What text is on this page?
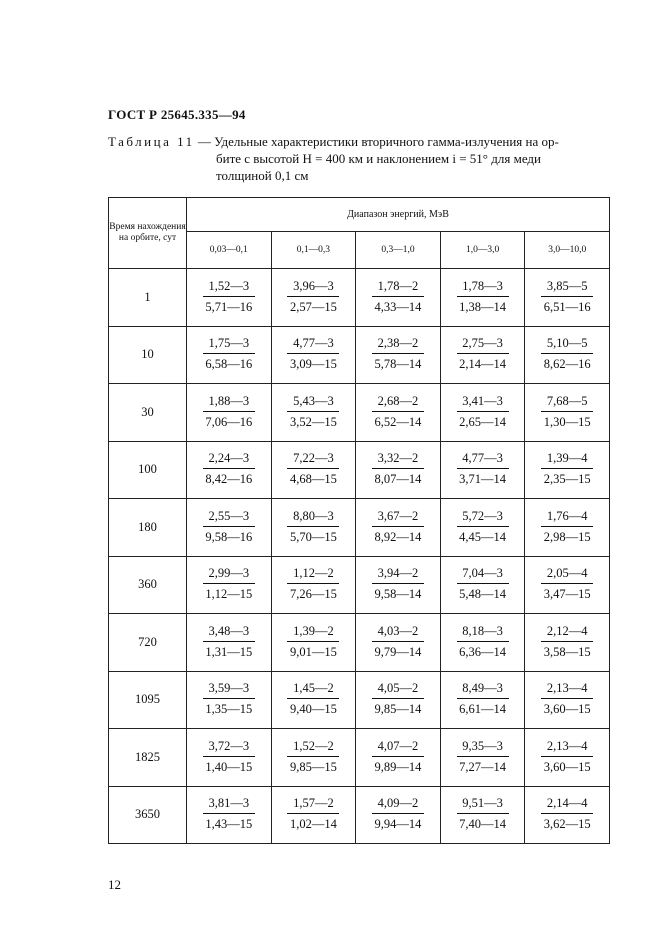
ГОСТ Р 25645.335—94
Таблица 11 — Удельные характеристики вторичного гамма-излучения на ор-
бите с высотой H = 400 км и наклонением i = 51° для меди
толщиной 0,1 см
Время нахождения на орбите, сут	Диапазон энергий, МэВ				
	0,03—0,1	0,1—0,3	0,3—1,0	1,0—3,0	3,0—10,0
1	$\frac{1,52—3}{5,71—16}$	$\frac{3,96—3}{2,57—15}$	$\frac{1,78—2}{4,33—14}$	$\frac{1,78—3}{1,38—14}$	$\frac{3,85—5}{6,51—16}$

10	$\frac{1,75—3}{6,58—16}$	$\frac{4,77—3}{3,09—15}$	$\frac{2,38—2}{5,78—14}$	$\frac{2,75—3}{2,14—14}$	$\frac{5,10—5}{8,62—16}$

30	$\frac{1,88—3}{7,06—16}$	$\frac{5,43—3}{3,52—15}$	$\frac{2,68—2}{6,52—14}$	$\frac{3,41—3}{2,65—14}$	$\frac{7,68—5}{1,30—15}$

100	$\frac{2,24—3}{8,42—16}$	$\frac{7,22—3}{4,68—15}$	$\frac{3,32—2}{8,07—14}$	$\frac{4,77—3}{3,71—14}$	$\frac{1,39—4}{2,35—15}$

180	$\frac{2,55—3}{9,58—16}$	$\frac{8,80—3}{5,70—15}$	$\frac{3,67—2}{8,92—14}$	$\frac{5,72—3}{4,45—14}$	$\frac{1,76—4}{2,98—15}$

360	$\frac{2,99—3}{1,12—15}$	$\frac{1,12—2}{7,26—15}$	$\frac{3,94—2}{9,58—14}$	$\frac{7,04—3}{5,48—14}$	$\frac{2,05—4}{3,47—15}$

720	$\frac{3,48—3}{1,31—15}$	$\frac{1,39—2}{9,01—15}$	$\frac{4,03—2}{9,79—14}$	$\frac{8,18—3}{6,36—14}$	$\frac{2,12—4}{3,58—15}$

1095	$\frac{3,59—3}{1,35—15}$	$\frac{1,45—2}{9,40—15}$	$\frac{4,05—2}{9,85—14}$	$\frac{8,49—3}{6,61—14}$	$\frac{2,13—4}{3,60—15}$

1825	$\frac{3,72—3}{1,40—15}$	$\frac{1,52—2}{9,85—15}$	$\frac{4,07—2}{9,89—14}$	$\frac{9,35—3}{7,27—14}$	$\frac{2,13—4}{3,60—15}$

3650	$\frac{3,81—3}{1,43—15}$	$\frac{1,57—2}{1,02—14}$	$\frac{4,09—2}{9,94—14}$	$\frac{9,51—3}{7,40—14}$	$\frac{2,14—4}{3,62—15}$
12
